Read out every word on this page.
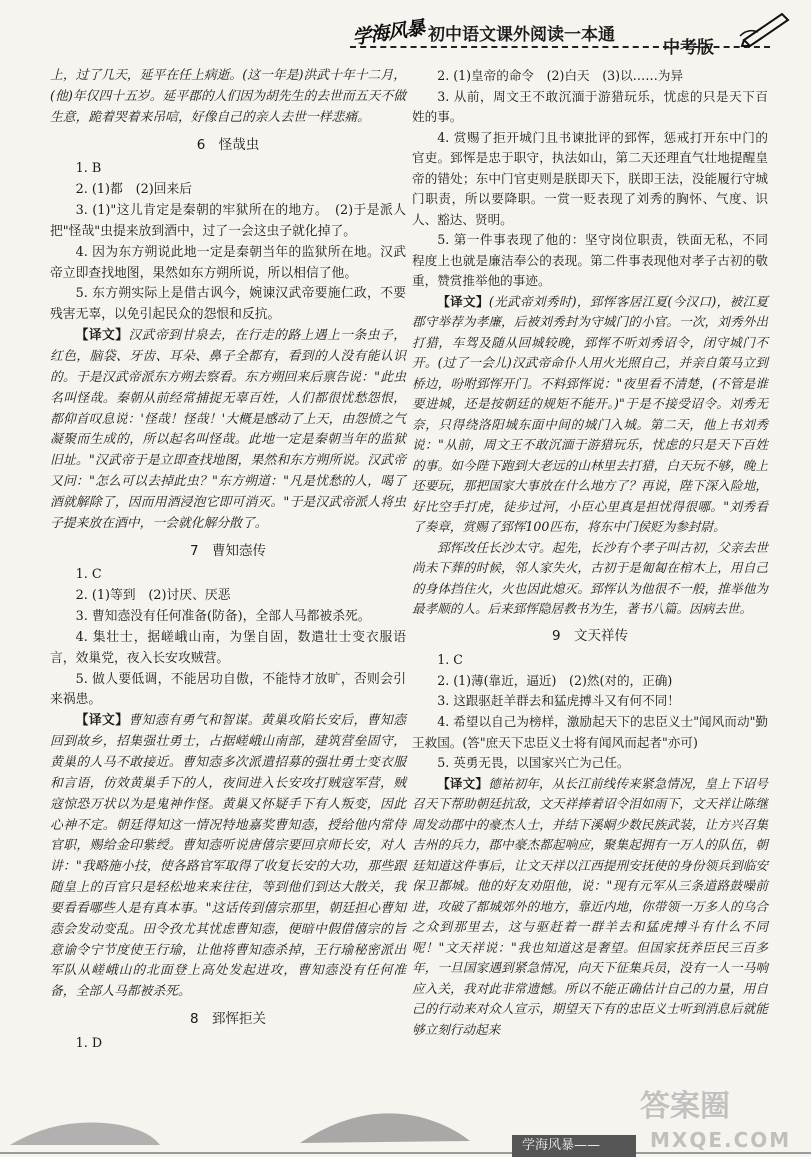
学海风暴 初中语文课外阅读一本通
中考版

上，过了几天，延平在任上病逝。(这一年是)洪武十年十二月，(他)年仅四十五岁。延平郡的人们因为胡先生的去世而五天不做生意，跪着哭着来吊唁，好像自己的亲人去世一样悲痛。

6　怪哉虫

1. B

2. (1)都　(2)回来后

3. (1)"这儿肯定是秦朝的牢狱所在的地方。　(2)于是派人把"怪哉"虫提来放到酒中，过了一会这虫子就化掉了。

4. 因为东方朔说此地一定是秦朝当年的监狱所在地。汉武帝立即查找地图，果然如东方朔所说，所以相信了他。

5. 东方朔实际上是借古讽今，婉谏汉武帝要施仁政，不要残害无辜，以免引起民众的怨恨和反抗。

【译文】汉武帝到甘泉去，在行走的路上遇上一条虫子，红色，脑袋、牙齿、耳朵、鼻子全都有，看到的人没有能认识的。于是汉武帝派东方朔去察看。东方朔回来后禀告说："此虫名叫怪哉。秦朝从前经常捕捉无辜百姓，人们都很忧愁怨恨，都仰首叹息说：'怪哉！怪哉！'大概是感动了上天，由怨愤之气凝聚而生成的，所以起名叫怪哉。此地一定是秦朝当年的监狱旧址。"汉武帝于是立即查找地图，果然和东方朔所说。汉武帝又问："怎么可以去掉此虫？"东方朔道："凡是忧愁的人，喝了酒就解除了，因而用酒浸泡它即可消灭。"于是汉武帝派人将虫子提来放在酒中，一会就化解分散了。

7　曹知悫传

1. C

2. (1)等到　(2)讨厌、厌恶

3. 曹知悫没有任何准备(防备)，全部人马都被杀死。

4. 集壮士，据嵯峨山南，为堡自固，数遣壮士变衣服语言，效巢党，夜入长安攻贼营。

5. 做人要低调，不能居功自傲，不能恃才放旷，否则会引来祸患。

【译文】曹知悫有勇气和智谋。黄巢攻陷长安后，曹知悫回到故乡，招集强壮勇士，占据嵯峨山南部，建筑营垒固守，黄巢的人马不敢接近。曹知悫多次派遣招募的强壮勇士变衣服和言语，仿效黄巢手下的人，夜间进入长安攻打贼寇军营，贼寇惊恐万状以为是鬼神作怪。黄巢又怀疑手下有人叛变，因此心神不定。朝廷得知这一情况特地嘉奖曹知悫，授给他内常侍官职，赐给金印紫绶。曹知悫听说唐僖宗要回京师长安，对人讲："我略施小技，使各路官军取得了收复长安的大功，那些跟随皇上的百官只是轻松地来来往往，等到他们到达大散关，我要看看哪些人是有真本事。"这话传到僖宗那里，朝廷担心曹知悫会发动变乱。田令孜尤其忧虑曹知悫，便暗中假借僖宗的旨意谕令宁节度使王行瑜，让他将曹知悫杀掉，王行瑜秘密派出军队从嵯峨山的北面登上高处发起进攻，曹知悫没有任何准备，全部人马都被杀死。

8　郅恽拒关

1. D

2. (1)皇帝的命令　(2)白天　(3)以……为异

3. 从前，周文王不敢沉湎于游猎玩乐，忧虑的只是天下百姓的事。

4. 赏赐了拒开城门且书谏批评的郅恽，惩戒打开东中门的官吏。郅恽是忠于职守，执法如山，第二天还理直气壮地提醒皇帝的错处；东中门官吏则是朕即天下，朕即王法，没能履行守城门职责，所以要降职。一赏一贬表现了刘秀的胸怀、气度、识人、豁达、贤明。

5. 第一件事表现了他的：坚守岗位职责，铁面无私，不同程度上也就是廉洁奉公的表现。第二件事表现他对孝子古初的敬重，赞赏推举他的事迹。

【译文】(光武帝刘秀时)，郅恽客居江夏(今汉口)，被江夏郡守举荐为孝廉，后被刘秀封为守城门的小官。一次，刘秀外出打猎，车驾及随从回城较晚，郅恽不听刘秀诏令，闭守城门不开。(过了一会儿)汉武帝命仆人用火光照自己，并亲自策马立到桥边，吩咐郅恽开门。不料郅恽说："夜里看不清楚，(不管是谁要进城，还是按朝廷的规矩不能开。)"于是不接受诏令。刘秀无奈，只得绕洛阳城东面中间的城门入城。第二天，他上书刘秀说："从前，周文王不敢沉湎于游猎玩乐，忧虑的只是天下百姓的事。如今陛下跑到大老远的山林里去打猎，白天玩不够，晚上还要玩，那把国家大事放在什么地方了？再说，陛下深入险地，好比空手打虎，徒步过河，小臣心里真是担忧得很哪。"刘秀看了奏章，赏赐了郅恽100匹布，将东中门侯贬为参封尉。

郅恽改任长沙太守。起先，长沙有个孝子叫古初，父亲去世尚未下葬的时候，邻人家失火，古初于是匍匐在棺木上，用自己的身体挡住火，火也因此熄灭。郅恽认为他很不一般，推举他为最孝顺的人。后来郅恽隐居教书为生，著书八篇。因病去世。

9　文天祥传

1. C

2. (1)薄(靠近，逼近)　(2)然(对的，正确)

3. 这跟驱赶羊群去和猛虎搏斗又有何不同！

4. 希望以自己为榜样，激励起天下的忠臣义士"闻风而动"勤王救国。(答"庶天下忠臣义士将有闻风而起者"亦可)

5. 英勇无畏，以国家兴亡为己任。

【译文】德祐初年，从长江前线传来紧急情况，皇上下诏号召天下帮助朝廷抗敌，文天祥捧着诏令泪如雨下，文天祥让陈继周发动郡中的豪杰人士，并结下溪峒少数民族武装，让方兴召集吉州的兵力，郡中豪杰都起响应，聚集起拥有一万人的队伍，朝廷知道这件事后，让文天祥以江西提刑安抚使的身份领兵到临安保卫都城。他的好友劝阻他，说："现有元军从三条道路鼓噪前进，攻破了都城郊外的地方，靠近内地，你带领一万多人的乌合之众到那里去，这与驱赶着一群羊去和猛虎搏斗有什么不同呢！"文天祥说："我也知道这是奢望。但国家抚养臣民三百多年，一旦国家遇到紧急情况，向天下征集兵员，没有一人一马响应入关，我对此非常遗憾。所以不能正确估计自己的力量，用自己的行动来对众人宣示，期望天下有的忠臣义士听到消息后就能够立刻行动起来

学海风暴——
答案圈
MXQE.COM
